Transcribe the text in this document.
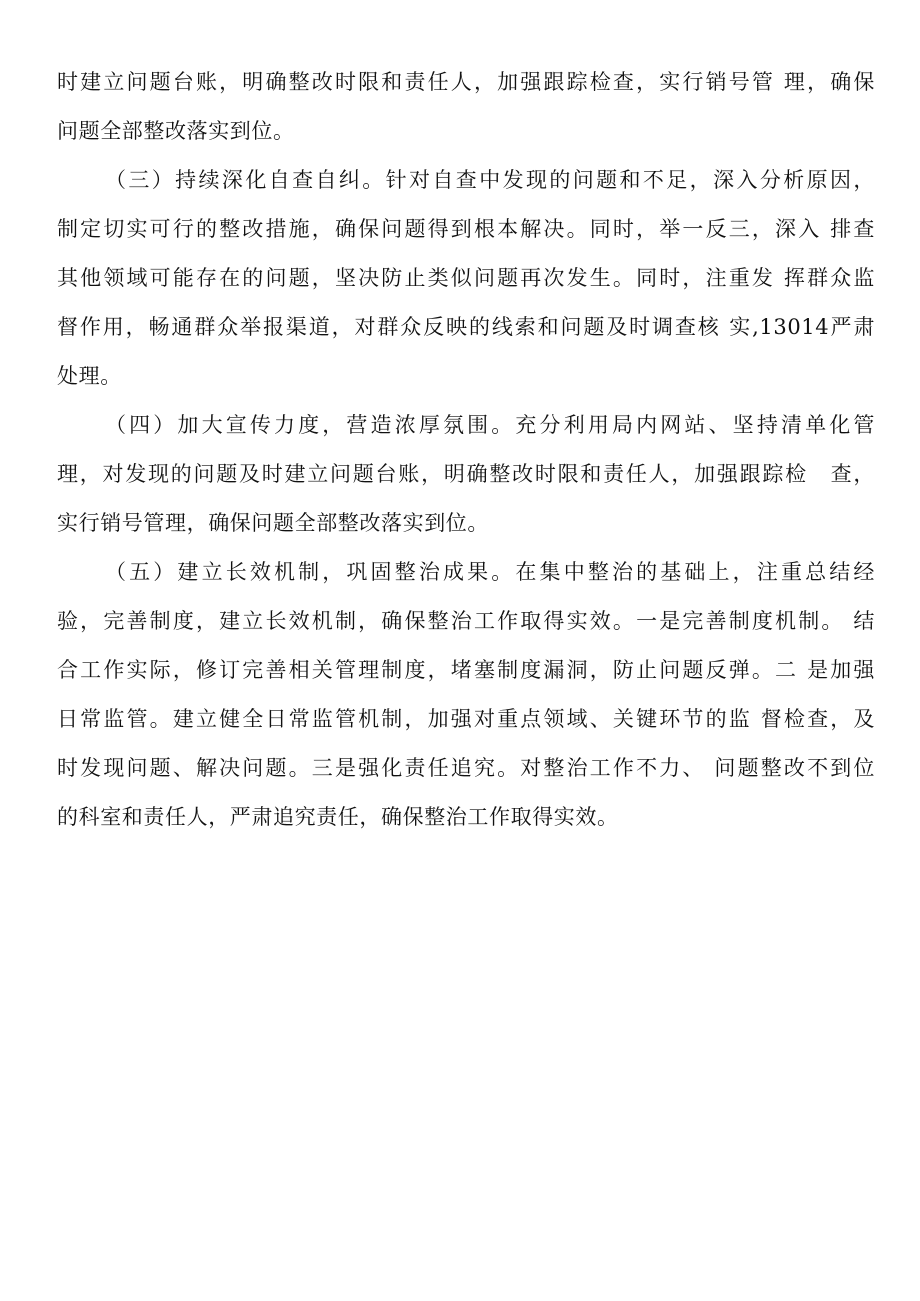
时建立问题台账，明确整改时限和责任人，加强跟踪检查，实行销号管 理，确保
问题全部整改落实到位。
（三）持续深化自查自纠。针对自查中发现的问题和不足，深入分析原因，
制定切实可行的整改措施，确保问题得到根本解决。同时，举一反三，深入 排查
其他领域可能存在的问题，坚决防止类似问题再次发生。同时，注重发 挥群众监
督作用，畅通群众举报渠道，对群众反映的线索和问题及时调查核 实,13014严肃
处理。
（四）加大宣传力度，营造浓厚氛围。充分利用局内网站、坚持清单化管
理，对发现的问题及时建立问题台账，明确整改时限和责任人，加强跟踪检　查，
实行销号管理，确保问题全部整改落实到位。
（五）建立长效机制，巩固整治成果。在集中整治的基础上，注重总结经
验，完善制度，建立长效机制，确保整治工作取得实效。一是完善制度机制。 结
合工作实际，修订完善相关管理制度，堵塞制度漏洞，防止问题反弹。二 是加强
日常监管。建立健全日常监管机制，加强对重点领域、关键环节的监 督检查，及
时发现问题、解决问题。三是强化责任追究。对整治工作不力、 问题整改不到位
的科室和责任人，严肃追究责任，确保整治工作取得实效。
